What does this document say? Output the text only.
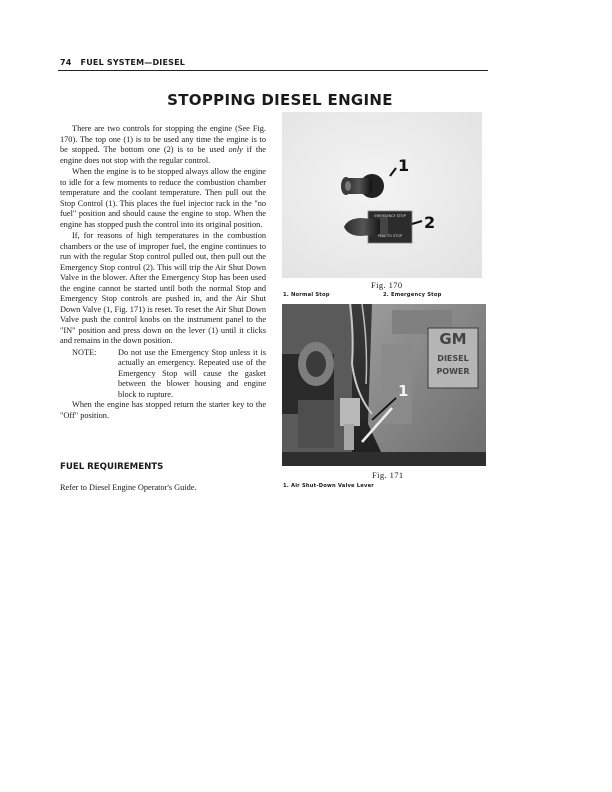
74 FUEL SYSTEM—DIESEL
STOPPING DIESEL ENGINE

There are two controls for stopping the engine (See Fig. 170). The top one (1) is to be used any time the engine is to be stopped. The bottom one (2) is to be used only if the engine does not stop with the regular control.

When the engine is to be stopped always allow the engine to idle for a few moments to reduce the combustion chamber temperature and the coolant temperature. Then pull out the Stop Control (1). This places the fuel injector rack in the "no fuel" position and should cause the engine to stop. When the engine has stopped push the control into its original position.

If, for reasons of high temperatures in the combustion chambers or the use of improper fuel, the engine continues to run with the regular Stop control pulled out, then pull out the Emergency Stop control (2). This will trip the Air Shut Down Valve in the blower. After the Emergency Stop has been used the engine cannot be started until both the normal Stop and Emergency Stop controls are pushed in, and the Air Shut Down Valve (1, Fig. 171) is reset. To reset the Air Shut Down Valve push the control knobs on the instrument panel to the "IN" position and press down on the lever (1) until it clicks and remains in the down position.

NOTE:	Do not use the Emergency Stop unless it is actually an emergency. Repeated use of the Emergency Stop will cause the gasket between the blower housing and engine block to rupture.

When the engine has stopped return the starter key to the "Off" position.

FUEL REQUIREMENTS
Refer to Diesel Engine Operator's Guide.
EMERGENCY STOP
PULL TO STOP
1
2
Fig. 170
1. Normal Stop	2. Emergency Stop
GM
DIESEL
POWER
1
Fig. 171
1. Air Shut-Down Valve Lever
